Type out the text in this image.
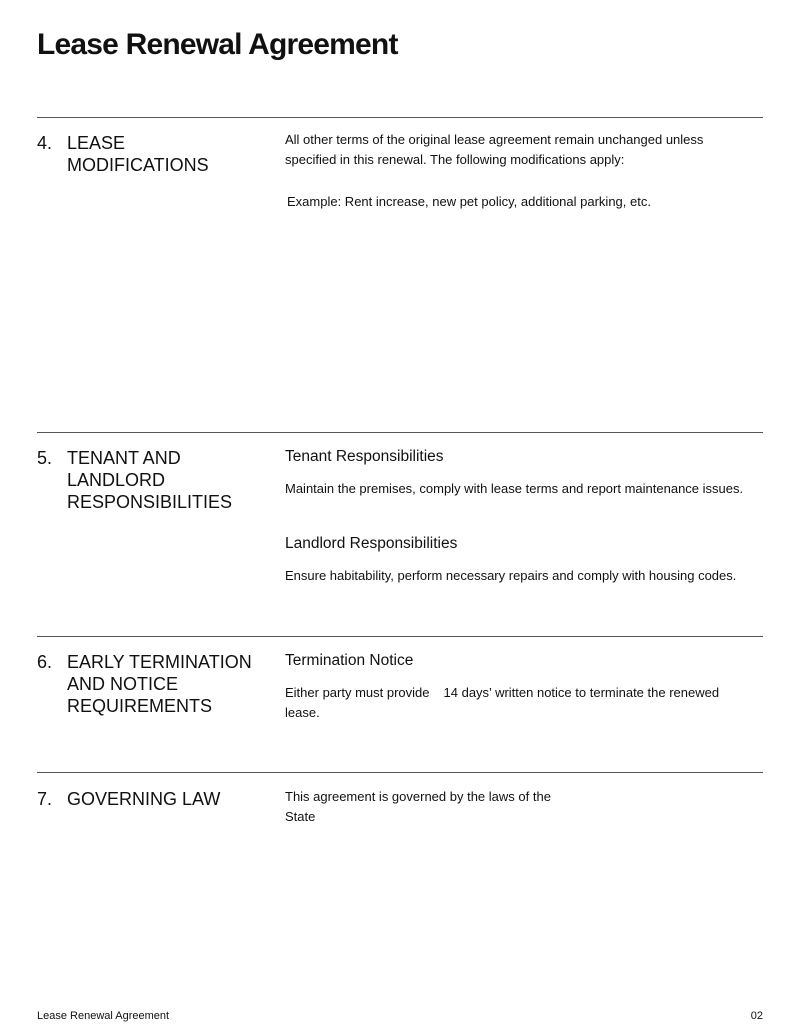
Lease Renewal Agreement
4. LEASE
MODIFICATIONS
All other terms of the original lease agreement remain unchanged unless
specified in this renewal. The following modifications apply:
Example: Rent increase, new pet policy, additional parking, etc.
5. TENANT AND
LANDLORD
RESPONSIBILITIES
Tenant Responsibilities
Maintain the premises, comply with lease terms and report maintenance issues.
Landlord Responsibilities
Ensure habitability, perform necessary repairs and comply with housing codes.
6. EARLY TERMINATION
AND NOTICE
REQUIREMENTS
Termination Notice
Either party must provide 14 days’ written notice to terminate the renewed
lease.
7. GOVERNING LAW	This agreement is governed by the laws of the
State
Lease Renewal Agreement	02
